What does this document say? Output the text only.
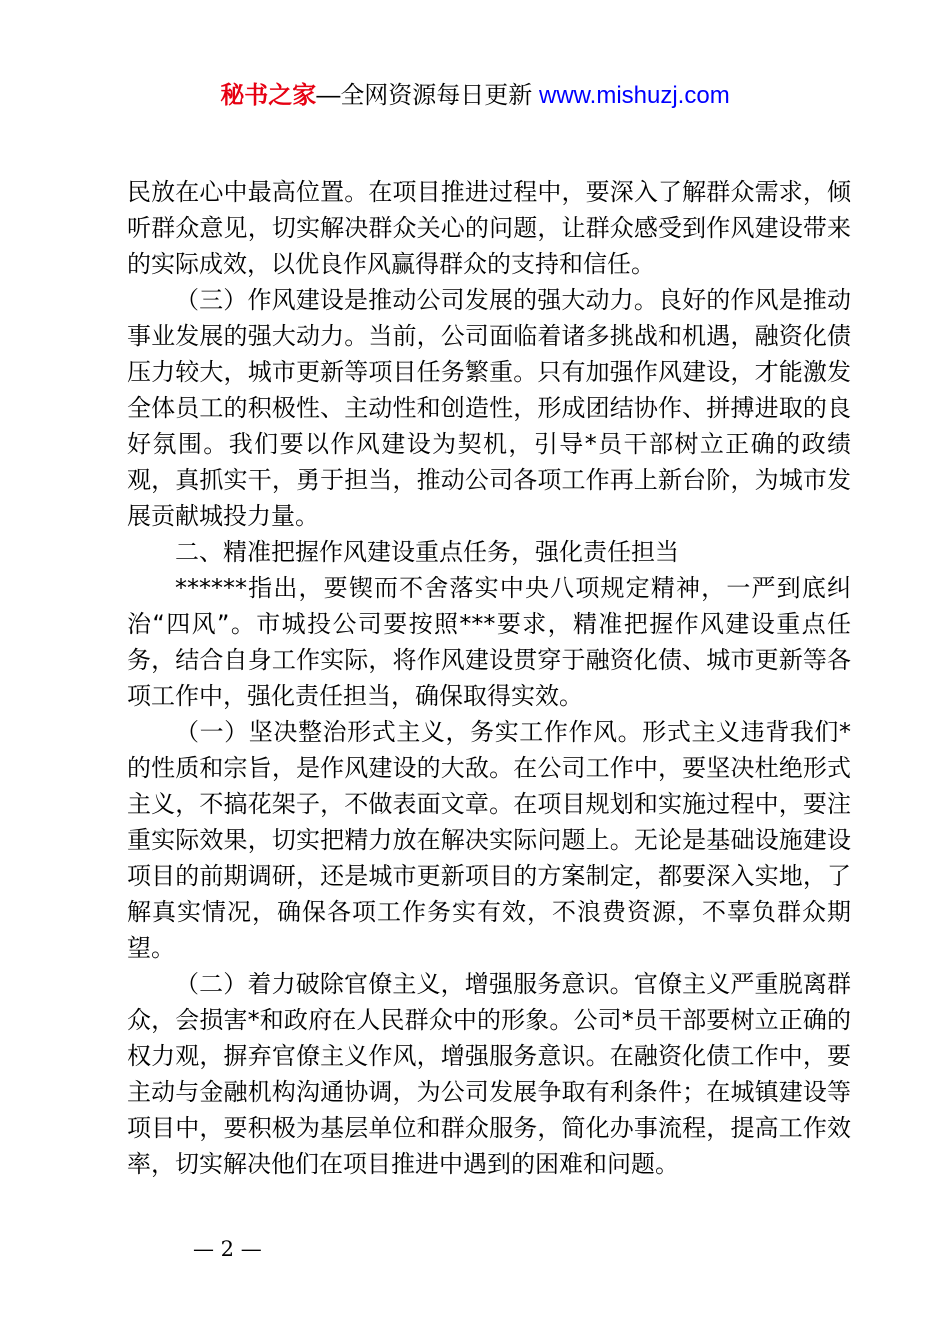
秘书之家—全网资源每日更新 www.mishuzj.com

民放在心中最高位置。在项目推进过程中，要深入了解群众需求，倾听群众意见，切实解决群众关心的问题，让群众感受到作风建设带来的实际成效，以优良作风赢得群众的支持和信任。

（三）作风建设是推动公司发展的强大动力。良好的作风是推动事业发展的强大动力。当前，公司面临着诸多挑战和机遇，融资化债压力较大，城市更新等项目任务繁重。只有加强作风建设，才能激发全体员工的积极性、主动性和创造性，形成团结协作、拼搏进取的良好氛围。我们要以作风建设为契机，引导*员干部树立正确的政绩观，真抓实干，勇于担当，推动公司各项工作再上新台阶，为城市发展贡献城投力量。

二、精准把握作风建设重点任务，强化责任担当

******指出，要锲而不舍落实中央八项规定精神，一严到底纠治“四风”。市城投公司要按照***要求，精准把握作风建设重点任务，结合自身工作实际，将作风建设贯穿于融资化债、城市更新等各项工作中，强化责任担当，确保取得实效。

（一）坚决整治形式主义，务实工作作风。形式主义违背我们*的性质和宗旨，是作风建设的大敌。在公司工作中，要坚决杜绝形式主义，不搞花架子，不做表面文章。在项目规划和实施过程中，要注重实际效果，切实把精力放在解决实际问题上。无论是基础设施建设项目的前期调研，还是城市更新项目的方案制定，都要深入实地，了解真实情况，确保各项工作务实有效，不浪费资源，不辜负群众期望。

（二）着力破除官僚主义，增强服务意识。官僚主义严重脱离群众，会损害*和政府在人民群众中的形象。公司*员干部要树立正确的权力观，摒弃官僚主义作风，增强服务意识。在融资化债工作中，要主动与金融机构沟通协调，为公司发展争取有利条件；在城镇建设等项目中，要积极为基层单位和群众服务，简化办事流程，提高工作效率，切实解决他们在项目推进中遇到的困难和问题。

— 2 —
